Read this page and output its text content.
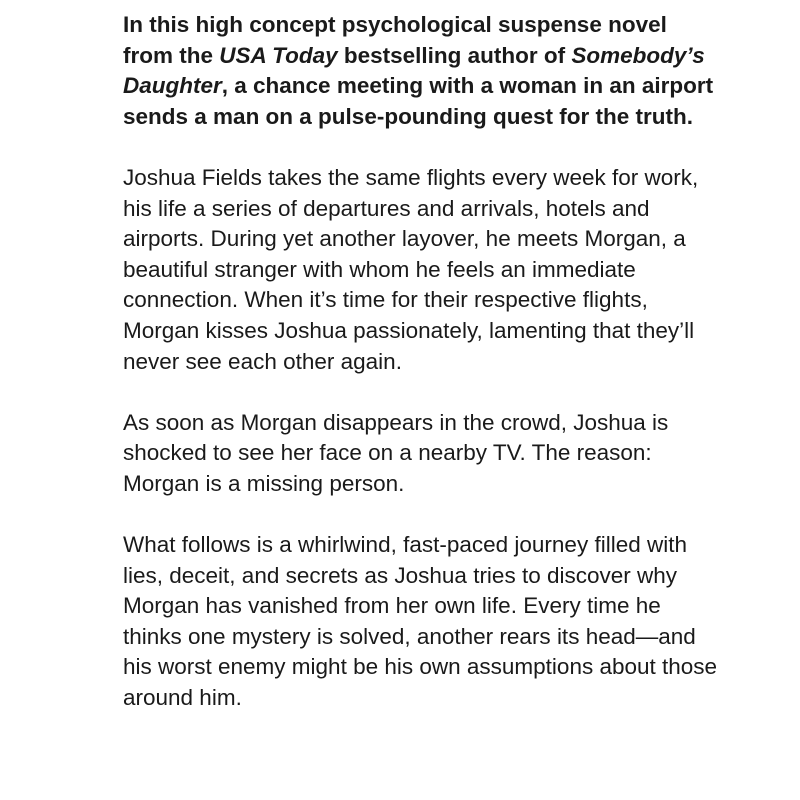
In this high concept psychological suspense novel from the USA Today bestselling author of Somebody’s Daughter, a chance meeting with a woman in an airport sends a man on a pulse-pounding quest for the truth.

Joshua Fields takes the same flights every week for work, his life a series of departures and arrivals, hotels and airports. During yet another layover, he meets Morgan, a beautiful stranger with whom he feels an immediate connection. When it’s time for their respective flights, Morgan kisses Joshua passionately, lamenting that they’ll never see each other again.

As soon as Morgan disappears in the crowd, Joshua is shocked to see her face on a nearby TV. The reason: Morgan is a missing person.

What follows is a whirlwind, fast-paced journey filled with lies, deceit, and secrets as Joshua tries to discover why Morgan has vanished from her own life. Every time he thinks one mystery is solved, another rears its head—and his worst enemy might be his own assumptions about those around him.
